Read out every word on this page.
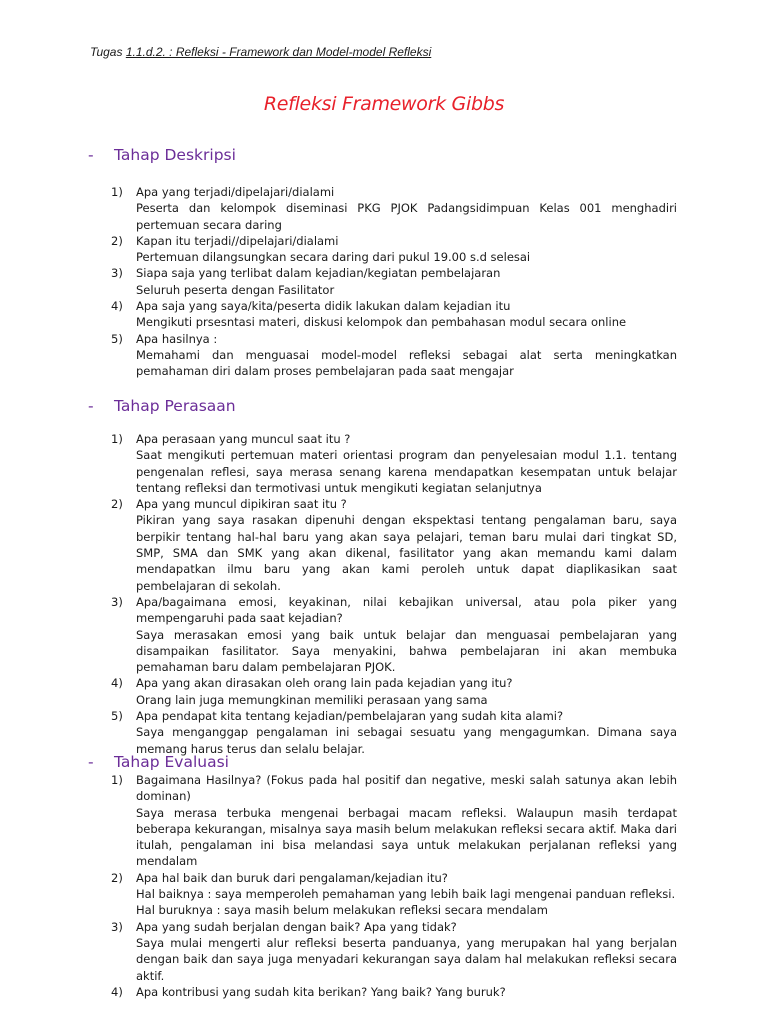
Tugas 1.1.d.2. : Refleksi - Framework dan Model-model Refleksi
Refleksi Framework Gibbs
- Tahap Deskripsi
1) Apa yang terjadi/dipelajari/dialami
Peserta dan kelompok diseminasi PKG PJOK Padangsidimpuan Kelas 001 menghadiri pertemuan secara daring
2) Kapan itu terjadi//dipelajari/dialami
Pertemuan dilangsungkan secara daring dari pukul 19.00 s.d selesai
3) Siapa saja yang terlibat dalam kejadian/kegiatan pembelajaran
Seluruh peserta dengan Fasilitator
4) Apa saja yang saya/kita/peserta didik lakukan dalam kejadian itu
Mengikuti prsesntasi materi, diskusi kelompok dan pembahasan modul secara online
5) Apa hasilnya :
Memahami dan menguasai model-model refleksi sebagai alat serta meningkatkan pemahaman diri dalam proses pembelajaran pada saat mengajar
- Tahap Perasaan
1) Apa perasaan yang muncul saat itu ?
Saat mengikuti pertemuan materi orientasi program dan penyelesaian modul 1.1. tentang pengenalan reflesi, saya merasa senang karena mendapatkan kesempatan untuk belajar tentang refleksi dan termotivasi untuk mengikuti kegiatan selanjutnya
2) Apa yang muncul dipikiran saat itu ?
Pikiran yang saya rasakan dipenuhi dengan ekspektasi tentang pengalaman baru, saya berpikir tentang hal-hal baru yang akan saya pelajari, teman baru mulai dari tingkat SD, SMP, SMA dan SMK yang akan dikenal, fasilitator yang akan memandu kami dalam mendapatkan ilmu baru yang akan kami peroleh untuk dapat diaplikasikan saat pembelajaran di sekolah.
3) Apa/bagaimana emosi, keyakinan, nilai kebajikan universal, atau pola piker yang mempengaruhi pada saat kejadian?
Saya merasakan emosi yang baik untuk belajar dan menguasai pembelajaran yang disampaikan fasilitator. Saya menyakini, bahwa pembelajaran ini akan membuka pemahaman baru dalam pembelajaran PJOK.
4) Apa yang akan dirasakan oleh orang lain pada kejadian yang itu?
Orang lain juga memungkinan memiliki perasaan yang sama
5) Apa pendapat kita tentang kejadian/pembelajaran yang sudah kita alami?
Saya menganggap pengalaman ini sebagai sesuatu yang mengagumkan. Dimana saya memang harus terus dan selalu belajar.
- Tahap Evaluasi
1) Bagaimana Hasilnya? (Fokus pada hal positif dan negative, meski salah satunya akan lebih dominan)
Saya merasa terbuka mengenai berbagai macam refleksi. Walaupun masih terdapat beberapa kekurangan, misalnya saya masih belum melakukan refleksi secara aktif. Maka dari itulah, pengalaman ini bisa melandasi saya untuk melakukan perjalanan refleksi yang mendalam
2) Apa hal baik dan buruk dari pengalaman/kejadian itu?
Hal baiknya : saya memperoleh pemahaman yang lebih baik lagi mengenai panduan refleksi.
Hal buruknya : saya masih belum melakukan refleksi secara mendalam
3) Apa yang sudah berjalan dengan baik? Apa yang tidak?
Saya mulai mengerti alur refleksi beserta panduanya, yang merupakan hal yang berjalan dengan baik dan saya juga menyadari kekurangan saya dalam hal melakukan refleksi secara aktif.
4) Apa kontribusi yang sudah kita berikan? Yang baik? Yang buruk?
